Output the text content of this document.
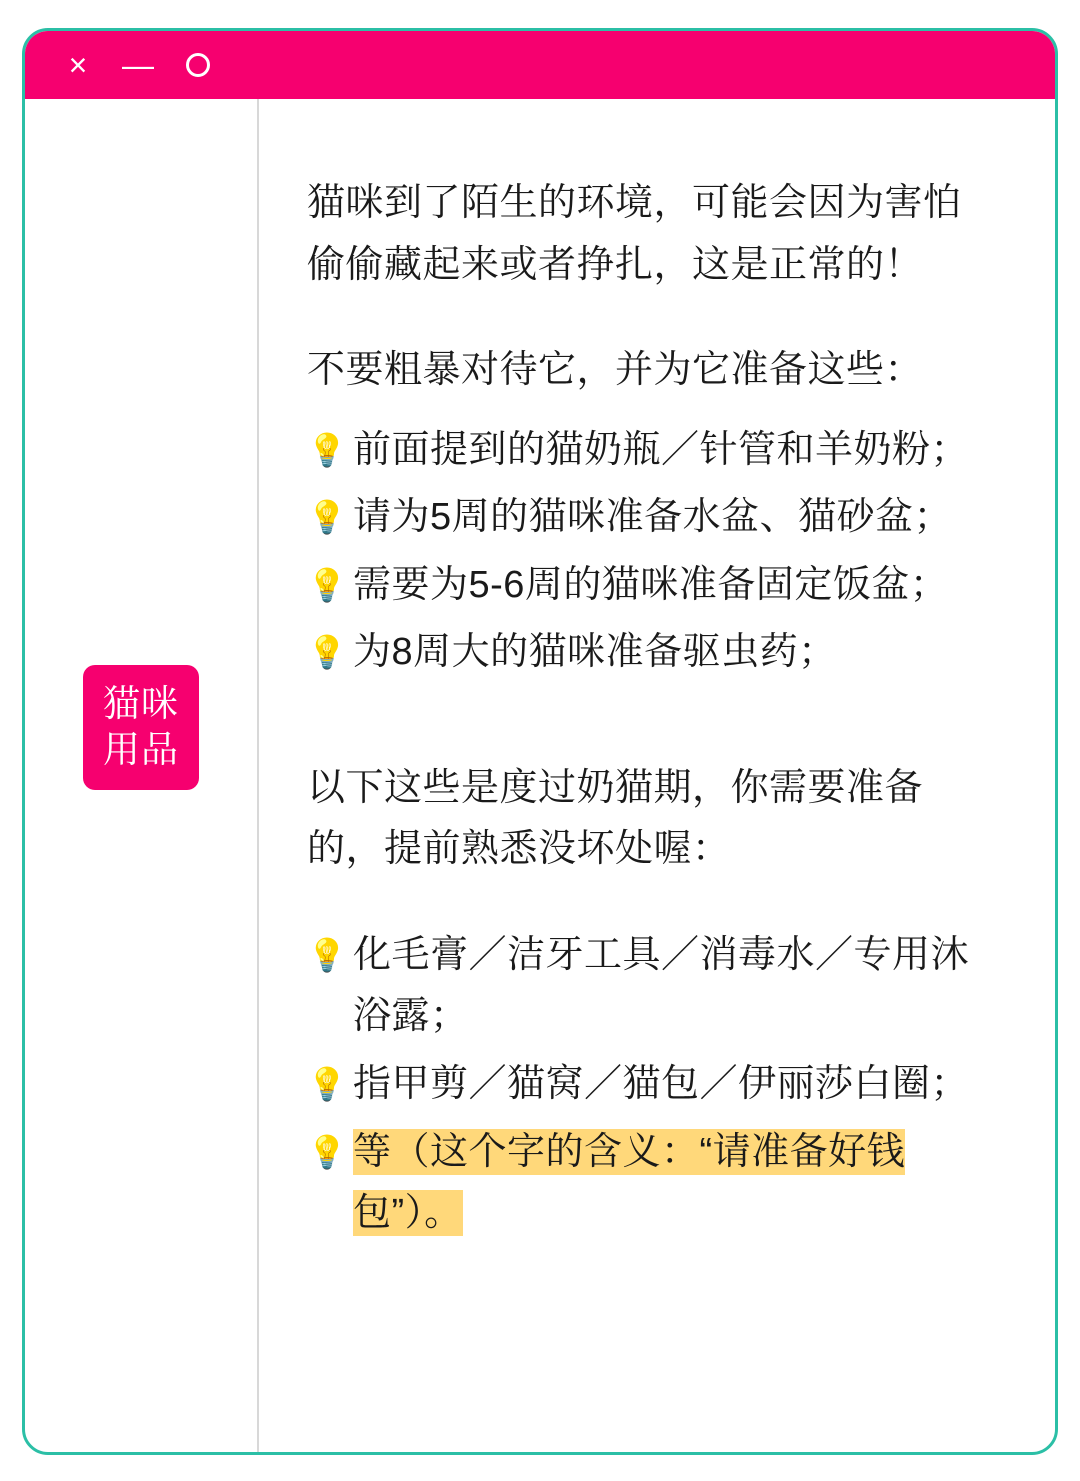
× —
猫咪
用品

猫咪到了陌生的环境，可能会因为害怕偷偷藏起来或者挣扎，这是正常的！

不要粗暴对待它，并为它准备这些：

💡 前面提到的猫奶瓶／针管和羊奶粉；
💡 请为5周的猫咪准备水盆、猫砂盆；
💡 需要为5-6周的猫咪准备固定饭盆；
💡 为8周大的猫咪准备驱虫药；

以下这些是度过奶猫期，你需要准备的，提前熟悉没坏处喔：

💡 化毛膏／洁牙工具／消毒水／专用沐浴露；
💡 指甲剪／猫窝／猫包／伊丽莎白圈；
💡 等（这个字的含义：“请准备好钱包”）。
